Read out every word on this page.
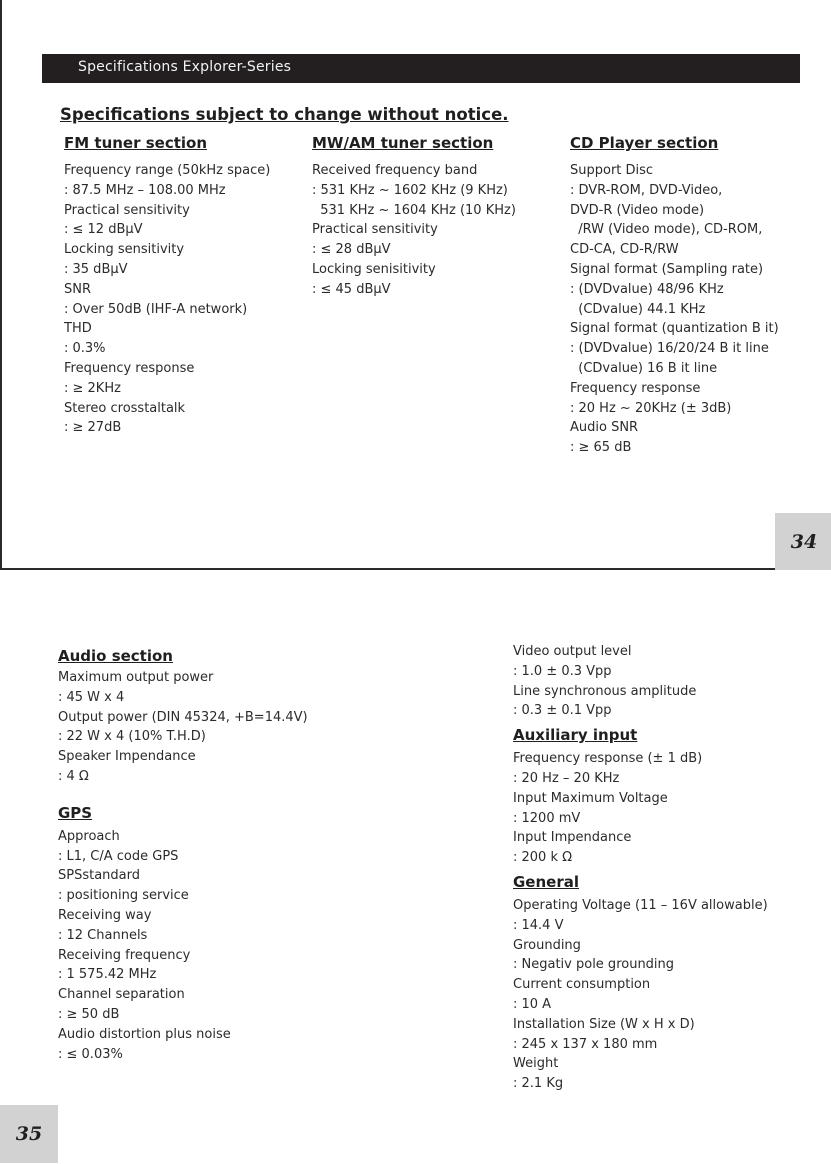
Specifications Explorer-Series
Specifications subject to change without notice.
FM tuner section
Frequency range (50kHz space)
: 87.5 MHz – 108.00 MHz
Practical sensitivity
: ≤ 12 dBμV
Locking sensitivity
: 35 dBμV
SNR
: Over 50dB (IHF-A network)
THD
: 0.3%
Frequency response
: ≥ 2KHz
Stereo crosstaltalk
: ≥ 27dB
MW/AM tuner section
Received frequency band
: 531 KHz ~ 1602 KHz (9 KHz)
531 KHz ~ 1604 KHz (10 KHz)
Practical sensitivity
: ≤ 28 dBμV
Locking senisitivity
: ≤ 45 dBμV
CD Player section
Support Disc
: DVR-ROM, DVD-Video,
DVD-R (Video mode)
/RW (Video mode), CD-ROM,
CD-CA, CD-R/RW
Signal format (Sampling rate)
: (DVDvalue) 48/96 KHz
(CDvalue) 44.1 KHz
Signal format (quantization B it)
: (DVDvalue) 16/20/24 B it line
(CDvalue) 16 B it line
Frequency response
: 20 Hz ~ 20KHz (± 3dB)
Audio SNR
: ≥ 65 dB
34
Audio section
Maximum output power
: 45 W x 4
Output power (DIN 45324, +B=14.4V)
: 22 W x 4 (10% T.H.D)
Speaker Impendance
: 4 Ω
GPS
Approach
: L1, C/A code GPS
SPSstandard
: positioning service
Receiving way
: 12 Channels
Receiving frequency
: 1 575.42 MHz
Channel separation
: ≥ 50 dB
Audio distortion plus noise
: ≤ 0.03%
Video output level
: 1.0 ± 0.3 Vpp
Line synchronous amplitude
: 0.3 ± 0.1 Vpp
Auxiliary input
Frequency response (± 1 dB)
: 20 Hz – 20 KHz
Input Maximum Voltage
: 1200 mV
Input Impendance
: 200 k Ω
General
Operating Voltage (11 – 16V allowable)
: 14.4 V
Grounding
: Negativ pole grounding
Current consumption
: 10 A
Installation Size (W x H x D)
: 245 x 137 x 180 mm
Weight
: 2.1 Kg
35
